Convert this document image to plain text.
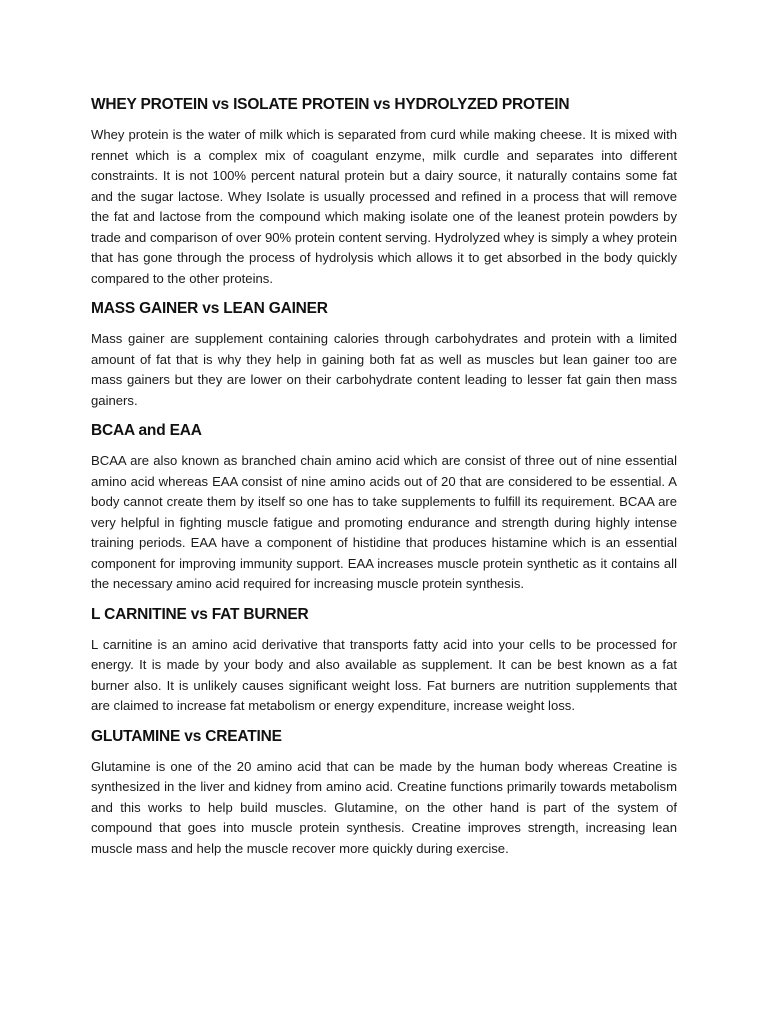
WHEY PROTEIN vs ISOLATE PROTEIN vs HYDROLYZED PROTEIN

Whey protein is the water of milk which is separated from curd while making cheese. It is mixed with rennet which is a complex mix of coagulant enzyme, milk curdle and separates into different constraints. It is not 100% percent natural protein but a dairy source, it naturally contains some fat and the sugar lactose. Whey Isolate is usually processed and refined in a process that will remove the fat and lactose from the compound which making isolate one of the leanest protein powders by trade and comparison of over 90% protein content serving. Hydrolyzed whey is simply a whey protein that has gone through the process of hydrolysis which allows it to get absorbed in the body quickly compared to the other proteins.

MASS GAINER vs LEAN GAINER

Mass gainer are supplement containing calories through carbohydrates and protein with a limited amount of fat that is why they help in gaining both fat as well as muscles but lean gainer too are mass gainers but they are lower on their carbohydrate content leading to lesser fat gain then mass gainers.

BCAA and EAA

BCAA are also known as branched chain amino acid which are consist of three out of nine essential amino acid whereas EAA consist of nine amino acids out of 20 that are considered to be essential. A body cannot create them by itself so one has to take supplements to fulfill its requirement. BCAA are very helpful in fighting muscle fatigue and promoting endurance and strength during highly intense training periods. EAA have a component of histidine that produces histamine which is an essential component for improving immunity support. EAA increases muscle protein synthetic as it contains all the necessary amino acid required for increasing muscle protein synthesis.

L CARNITINE vs FAT BURNER

L carnitine is an amino acid derivative that transports fatty acid into your cells to be processed for energy. It is made by your body and also available as supplement. It can be best known as a fat burner also. It is unlikely causes significant weight loss. Fat burners are nutrition supplements that are claimed to increase fat metabolism or energy expenditure, increase weight loss.

GLUTAMINE vs CREATINE

Glutamine is one of the 20 amino acid that can be made by the human body whereas Creatine is synthesized in the liver and kidney from amino acid. Creatine functions primarily towards metabolism and this works to help build muscles. Glutamine, on the other hand is part of the system of compound that goes into muscle protein synthesis. Creatine improves strength, increasing lean muscle mass and help the muscle recover more quickly during exercise.
